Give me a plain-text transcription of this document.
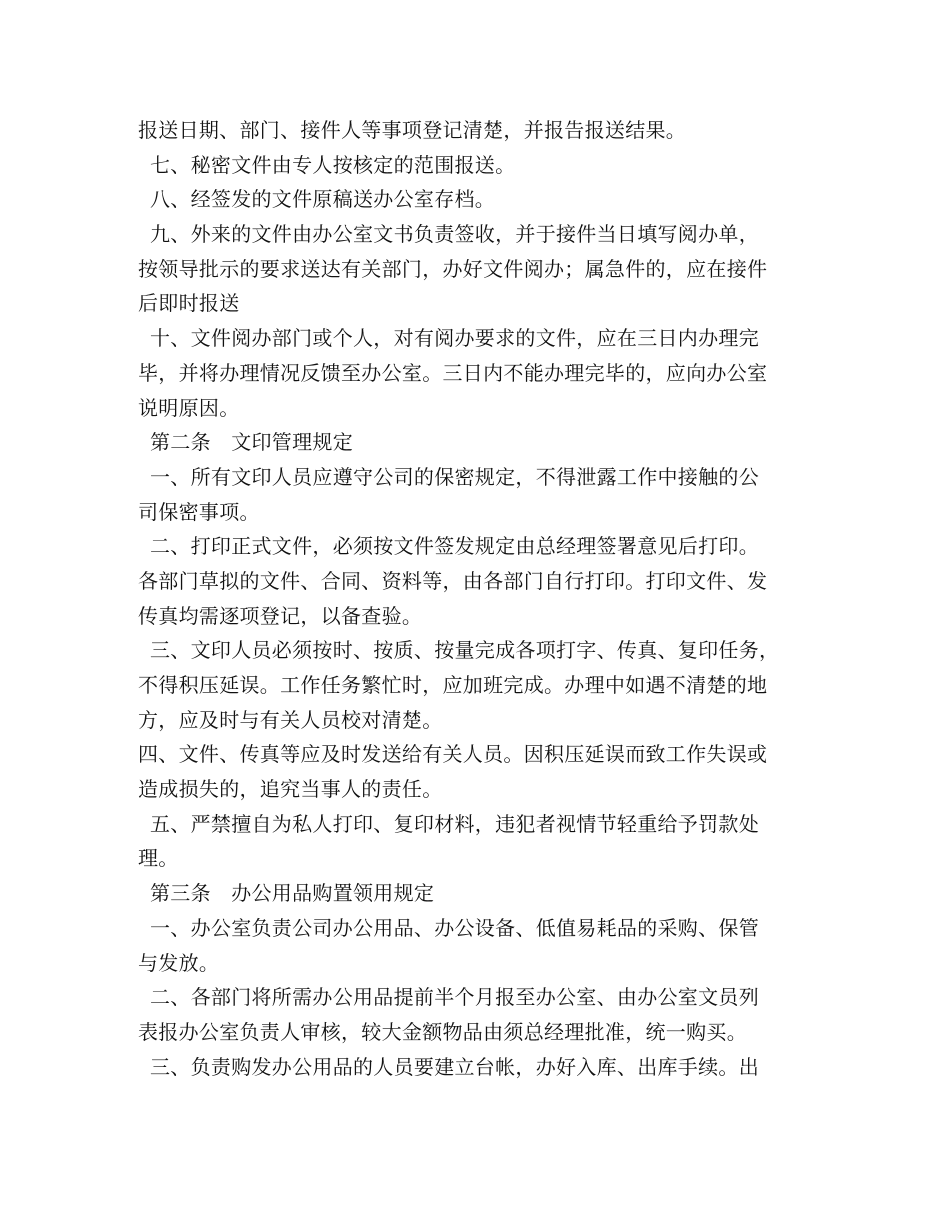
报送日期、部门、接件人等事项登记清楚，并报告报送结果。
七、秘密文件由专人按核定的范围报送。
八、经签发的文件原稿送办公室存档。
九、外来的文件由办公室文书负责签收，并于接件当日填写阅办单，
按领导批示的要求送达有关部门，办好文件阅办；属急件的，应在接件
后即时报送
十、文件阅办部门或个人，对有阅办要求的文件，应在三日内办理完
毕，并将办理情况反馈至办公室。三日内不能办理完毕的，应向办公室
说明原因。
第二条　文印管理规定
一、所有文印人员应遵守公司的保密规定，不得泄露工作中接触的公
司保密事项。
二、打印正式文件，必须按文件签发规定由总经理签署意见后打印。
各部门草拟的文件、合同、资料等，由各部门自行打印。打印文件、发
传真均需逐项登记，以备查验。
三、文印人员必须按时、按质、按量完成各项打字、传真、复印任务，
不得积压延误。工作任务繁忙时，应加班完成。办理中如遇不清楚的地
方，应及时与有关人员校对清楚。
四、文件、传真等应及时发送给有关人员。因积压延误而致工作失误或
造成损失的，追究当事人的责任。
五、严禁擅自为私人打印、复印材料，违犯者视情节轻重给予罚款处
理。
第三条　办公用品购置领用规定
一、办公室负责公司办公用品、办公设备、低值易耗品的采购、保管
与发放。
二、各部门将所需办公用品提前半个月报至办公室、由办公室文员列
表报办公室负责人审核，较大金额物品由须总经理批准，统一购买。
三、负责购发办公用品的人员要建立台帐，办好入库、出库手续。出
